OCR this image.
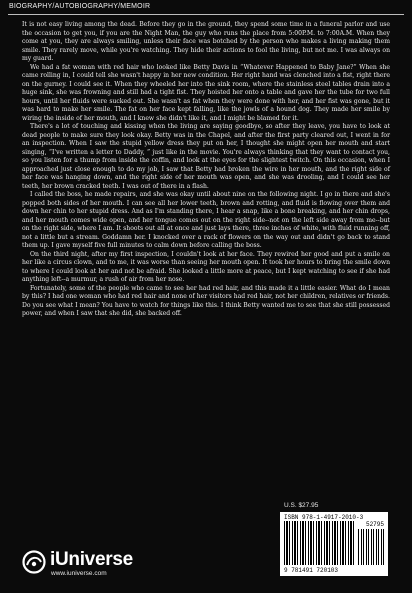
BIOGRAPHY/AUTOBIOGRAPHY/MEMOIR

It is not easy living among the dead. Before they go in the ground, they spend some time in a funeral parlor and use the occasion to get you, if you are the Night Man, the guy who runs the place from 5:00P.M. to 7:00A.M. When they come at you, they are always smiling, unless their face was botched by the person who makes a living making them smile. They rarely move, while you're watching. They hide their actions to fool the living, but not me. I was always on my guard.

We had a fat woman with red hair who looked like Betty Davis in “Whatever Happened to Baby Jane?” When she came rolling in, I could tell she wasn't happy in her new condition. Her right hand was clenched into a fist, right there on the gurney. I could see it. When they wheeled her into the sink room, where the stainless steel tables drain into a huge sink, she was frowning and still had a tight fist. They hoisted her onto a table and gave her the tube for two full hours, until her fluids were sucked out. She wasn't as fat when they were done with her, and her fist was gone, but it was hard to make her smile. The fat on her face kept falling, like the jowls of a hound dog. They made her smile by wiring the inside of her mouth, and I knew she didn't like it, and I might be blamed for it.

There's a lot of touching and kissing when the living are saying goodbye, so after they leave, you have to look at dead people to make sure they look okay. Betty was in the Chapel, and after the first party cleared out, I went in for an inspection. When I saw the stupid yellow dress they put on her, I thought she might open her mouth and start singing, “I've written a letter to Daddy, ” just like in the movie. You're always thinking that they want to contact you, so you listen for a thump from inside the coffin, and look at the eyes for the slightest twitch. On this occasion, when I approached just close enough to do my job, I saw that Betty had broken the wire in her mouth, and the right side of her face was hanging down, and the right side of her mouth was open, and she was drooling, and I could see her teeth, her brown cracked teeth. I was out of there in a flash.

I called the boss, he made repairs, and she was okay until about nine on the following night. I go in there and she's popped both sides of her mouth. I can see all her lower teeth, brown and rotting, and fluid is flowing over them and down her chin to her stupid dress. And as I'm standing there, I hear a snap, like a bone breaking, and her chin drops, and her mouth comes wide open, and her tongue comes out on the right side--not on the left side away from me--but on the right side, where I am. It shoots out all at once and just lays there, three inches of white, with fluid running off, not a little but a stream. Goddamn her. I knocked over a rack of flowers on the way out and didn't go back to stand them up. I gave myself five full minutes to calm down before calling the boss.

On the third night, after my first inspection, I couldn't look at her face. They rewired her good and put a smile on her like a circus clown, and to me, it was worse than seeing her mouth open. It took her hours to bring the smile down to where I could look at her and not be afraid. She looked a little more at peace, but I kept watching to see if she had anything left--a murmur, a rush of air from her nose.

Fortunately, some of the people who came to see her had red hair, and this made it a little easier. What do I mean by this? I had one woman who had red hair and none of her visitors had red hair, not her children, relatives or friends. Do you see what I mean? You have to watch for things like this. I think Betty wanted me to see that she still possessed power, and when I saw that she did, she backed off.

U.S. $27.95
ISBN 978-1-4917-2010-3
52795
9 781491 720103
iUniverse
www.iuniverse.com
